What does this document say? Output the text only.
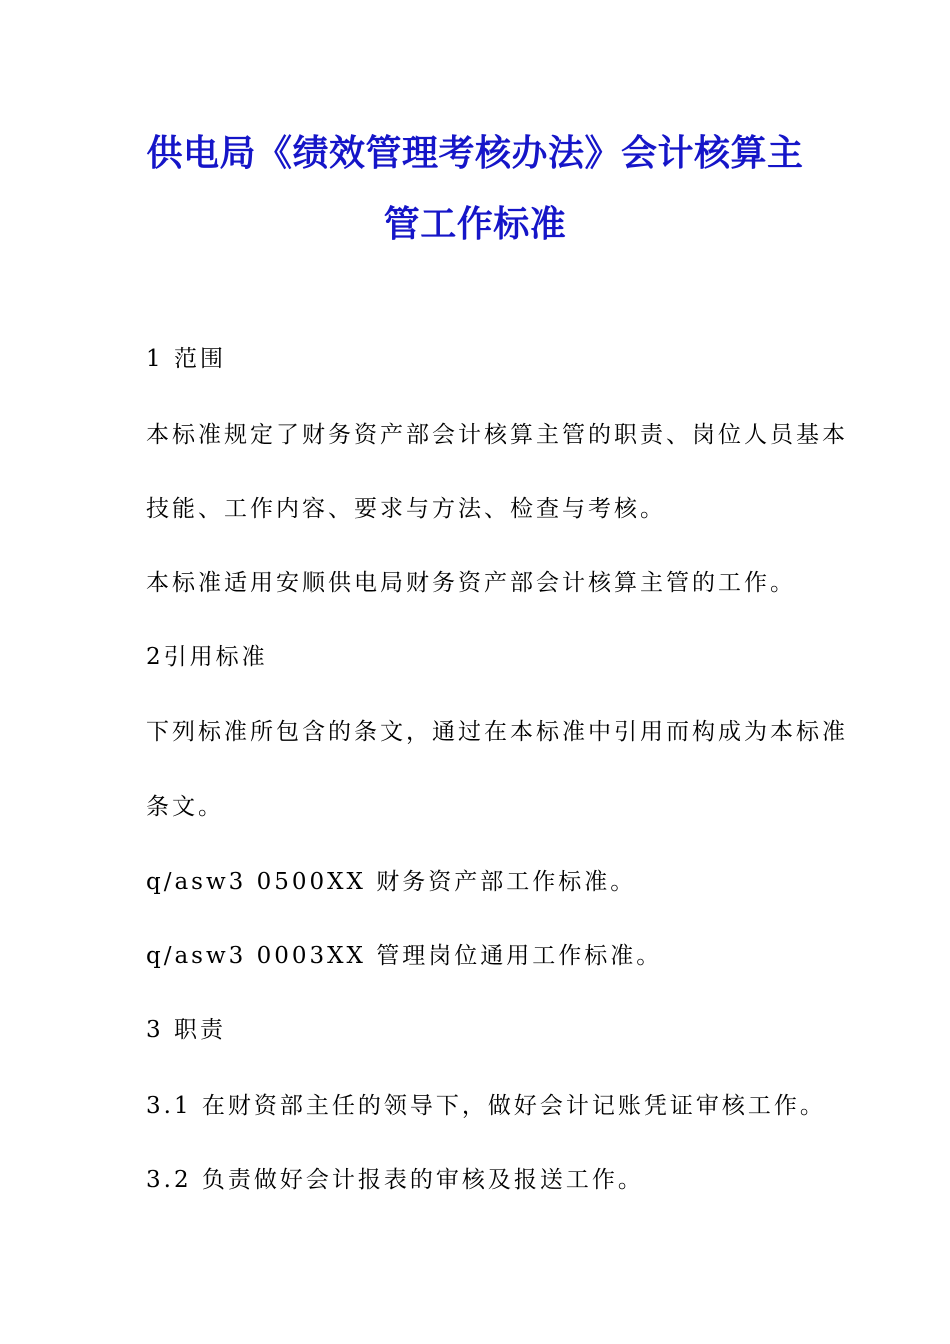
供电局《绩效管理考核办法》会计核算主
管工作标准
1 范围
本标准规定了财务资产部会计核算主管的职责、岗位人员基本
技能、工作内容、要求与方法、检查与考核。
本标准适用安顺供电局财务资产部会计核算主管的工作。
2引用标准
下列标准所包含的条文，通过在本标准中引用而构成为本标准
条文。
q/asw3 0500XX 财务资产部工作标准。
q/asw3 0003XX 管理岗位通用工作标准。
3 职责
3.1 在财资部主任的领导下，做好会计记账凭证审核工作。
3.2 负责做好会计报表的审核及报送工作。
